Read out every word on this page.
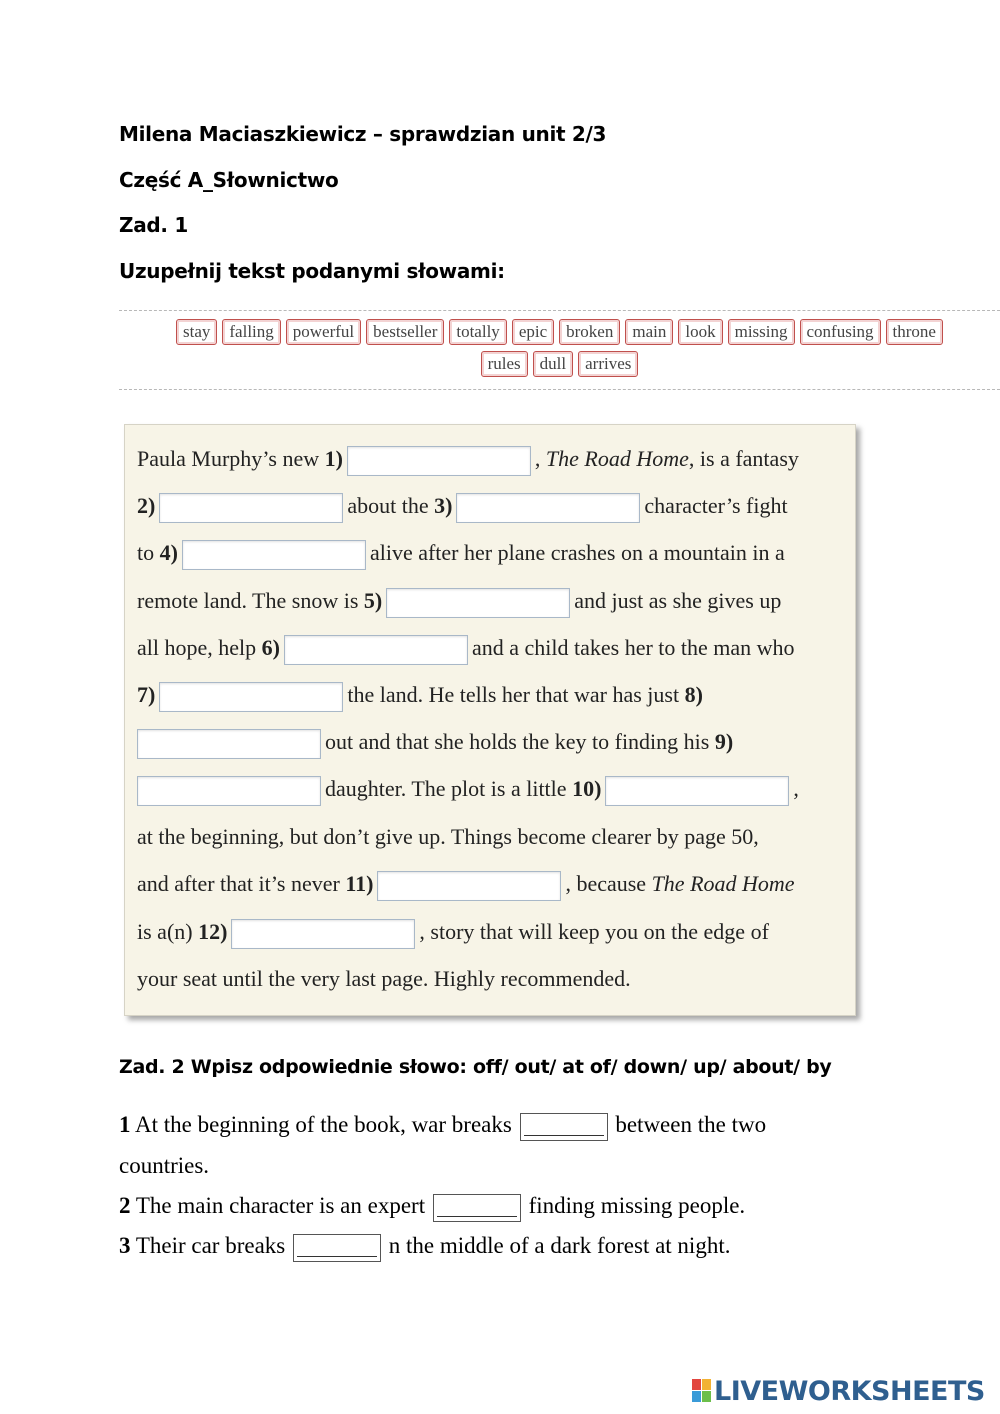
Milena Maciaszkiewicz – sprawdzian unit 2/3
Część A_Słownictwo
Zad. 1
Uzupełnij tekst podanymi słowami:
stay	falling	powerful	bestseller	totally	epic	broken	main	look	missing	confusing	throne
rules	dull	arrives
Paula Murphy’s new 1)	, The Road Home, is a fantasy
2)	about the 3)	character’s fight
to 4)	alive after her plane crashes on a mountain in a
remote land. The snow is 5)	and just as she gives up
all hope, help 6)	and a child takes her to the man who
7)	the land. He tells her that war has just 8)
out and that she holds the key to finding his 9)
daughter. The plot is a little 10)	,
at the beginning, but don’t give up. Things become clearer by page 50,
and after that it’s never 11)	, because The Road Home
is a(n) 12)	, story that will keep you on the edge of
your seat until the very last page. Highly recommended.
Zad. 2 Wpisz odpowiednie słowo: off/ out/ at of/ down/ up/ about/ by
1 At the beginning of the book, war breaks	between the two
countries.
2 The main character is an expert	finding missing people.
3 Their car breaks	n the middle of a dark forest at night.
LIVEWORKSHEETS
